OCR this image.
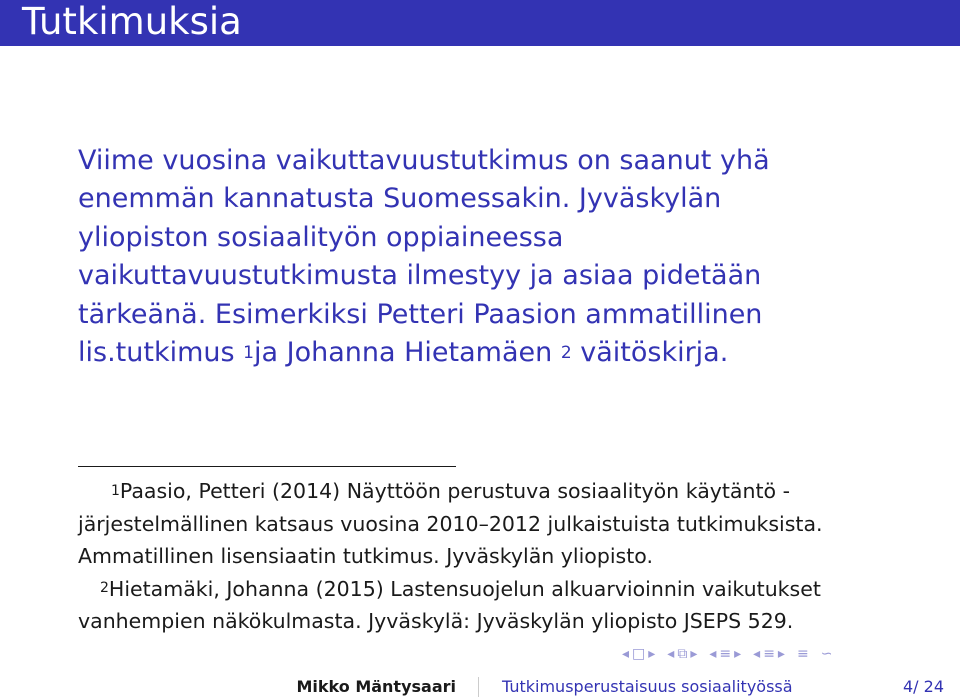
Tutkimuksia
Viime vuosina vaikuttavuustutkimus on saanut yhä
enemmän kannatusta Suomessakin. Jyväskylän
yliopiston sosiaalityön oppiaineessa
vaikuttavuustutkimusta ilmestyy ja asiaa pidetään
tärkeänä. Esimerkiksi Petteri Paasion ammatillinen
lis.tutkimus $^1$ja Johanna Hietamäen $^2$ väitöskirja.

$^1$Paasio, Petteri (2014) Näyttöön perustuva sosiaalityön käytäntö - järjestelmällinen katsaus vuosina 2010–2012 julkaistuista tutkimuksista. Ammatillinen lisensiaatin tutkimus. Jyväskylän yliopisto.

$^2$Hietamäki, Johanna (2015) Lastensuojelun alkuarvioinnin vaikutukset vanhempien näkökulmasta. Jyväskylä: Jyväskylän yliopisto JSEPS 529.

◂ □ ▸ ◂ ⧉ ▸ ◂ ≡ ▸ ◂ ≡ ▸ ≡ ∽
Mikko Mäntysaari	Tutkimusperustaisuus sosiaalityössä	4/ 24
